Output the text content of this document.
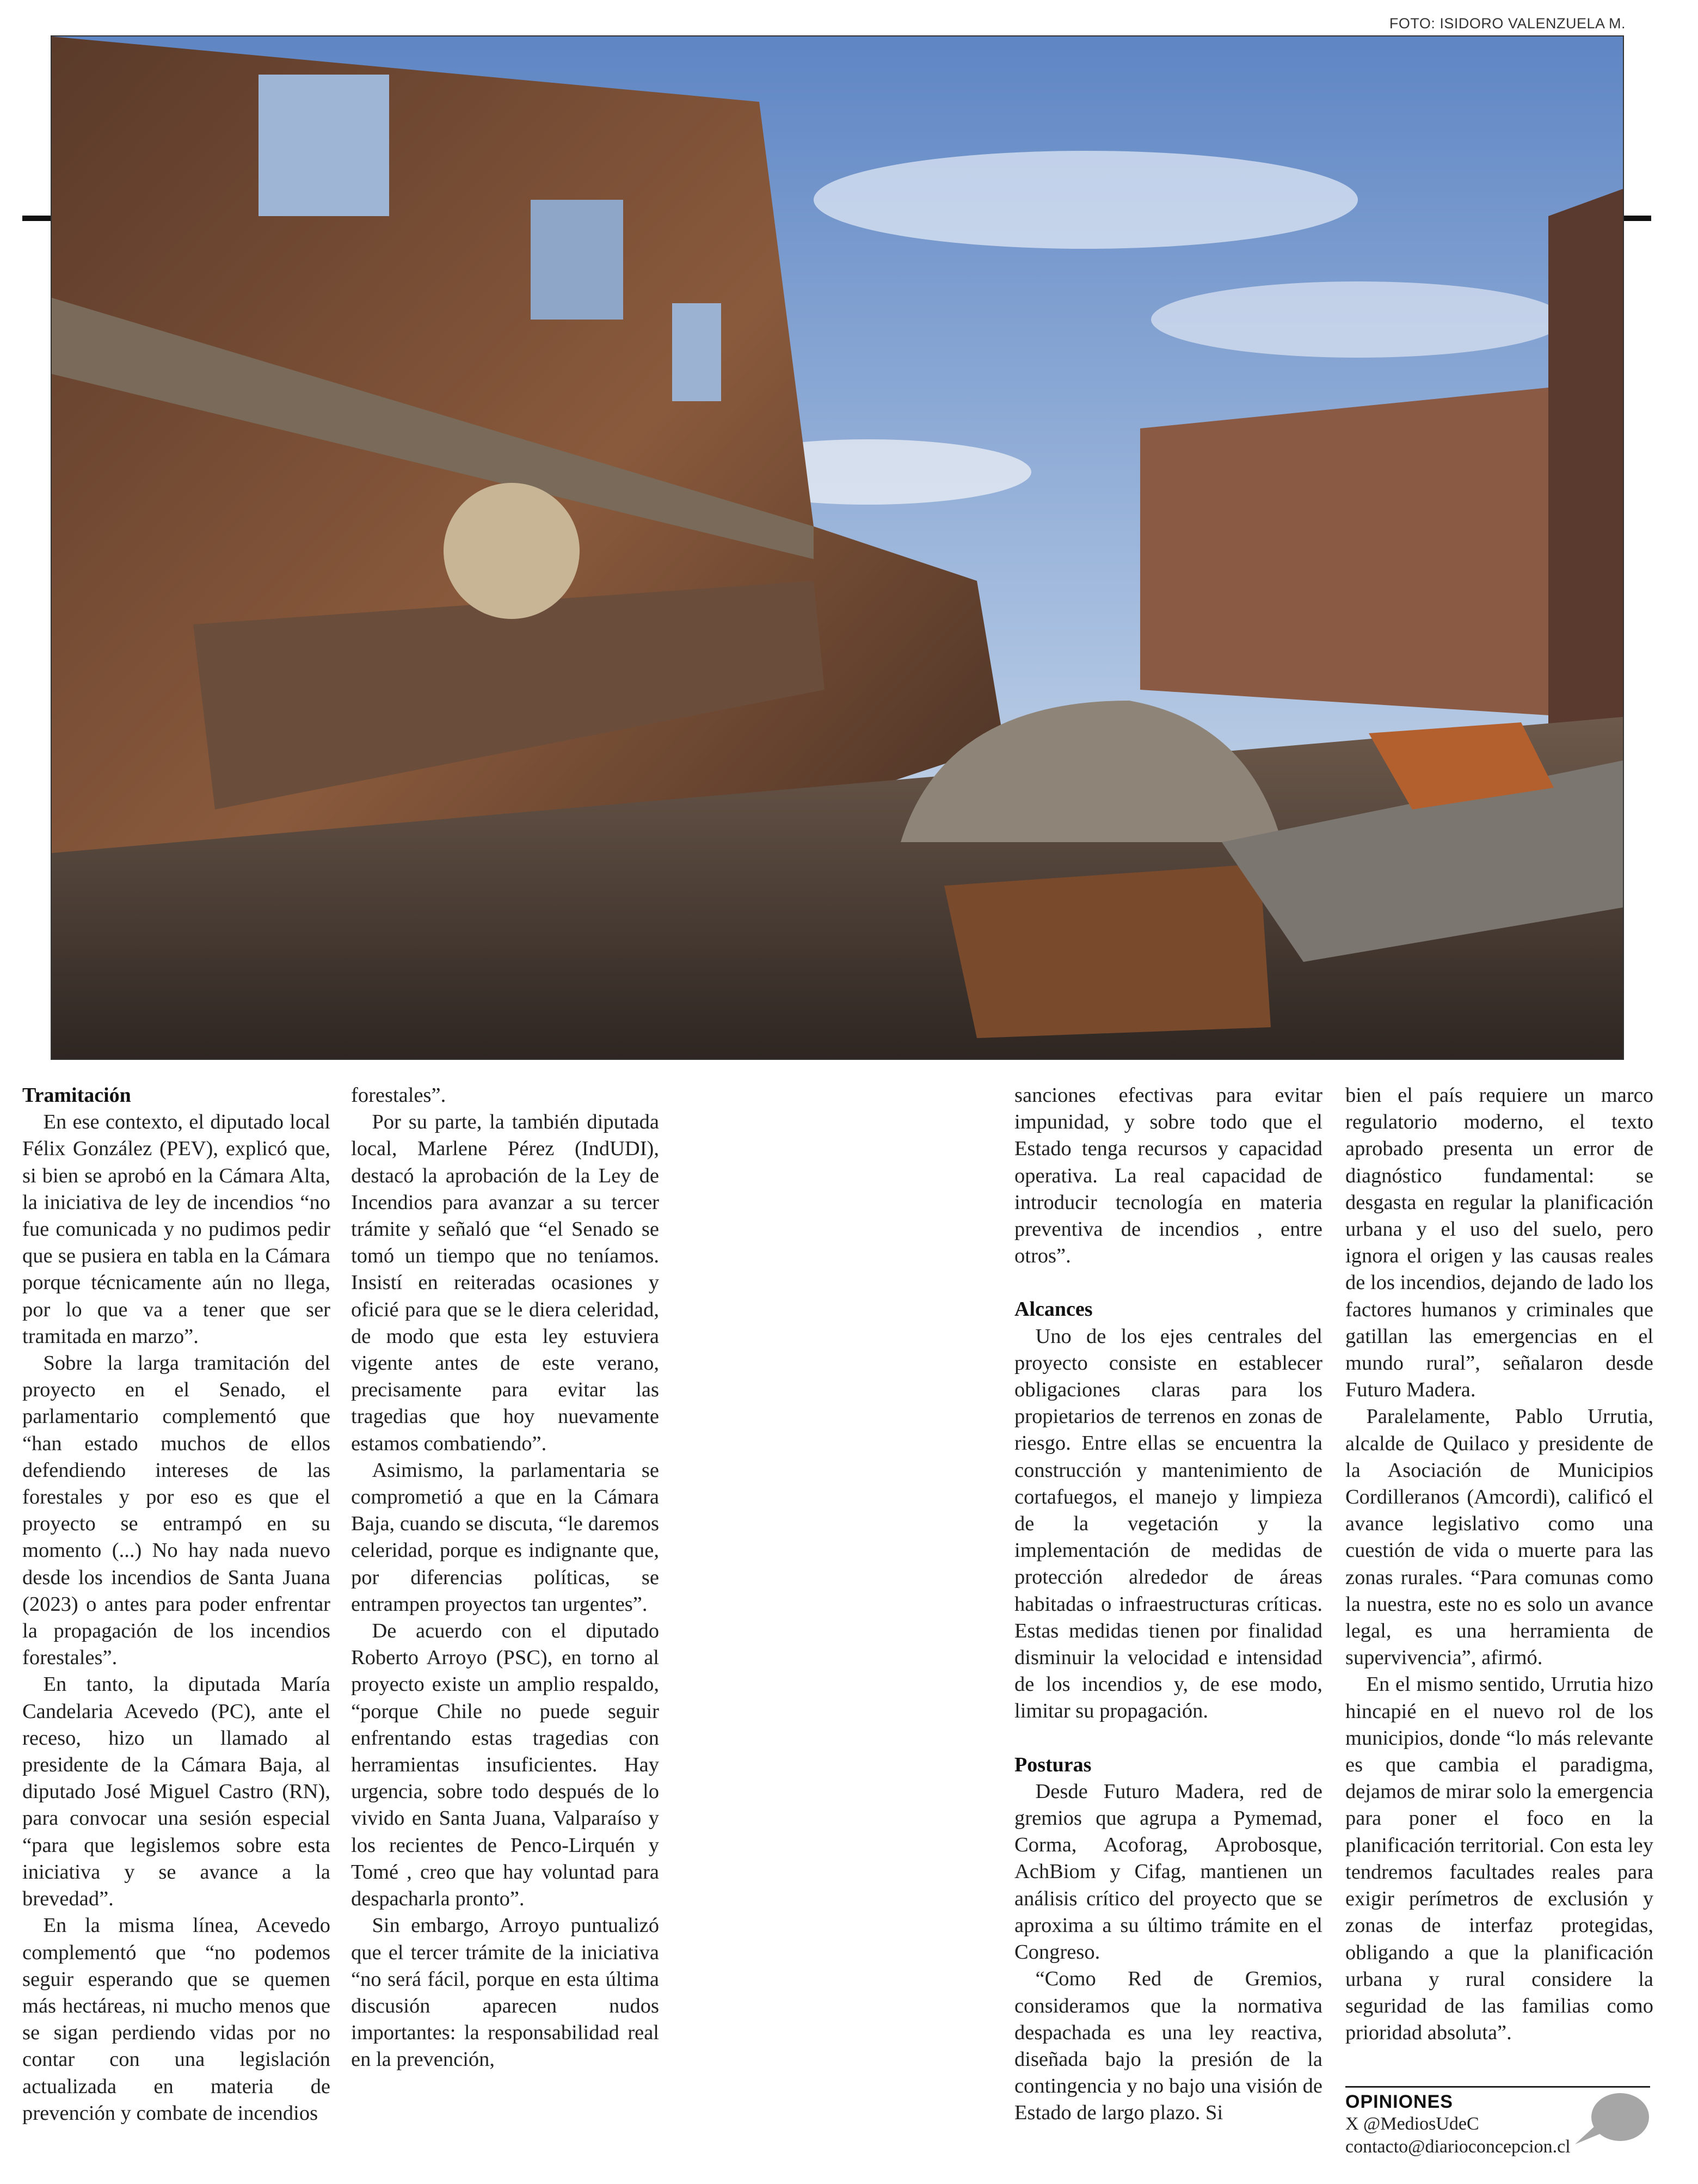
FOTO: ISIDORO VALENZUELA M.
Tramitación

En ese contexto, el diputado local Félix González (PEV), explicó que, si bien se aprobó en la Cámara Alta, la iniciativa de ley de incendios “no fue comunicada y no pudimos pedir que se pusiera en tabla en la Cámara porque técnicamente aún no llega, por lo que va a tener que ser tramitada en marzo”.

Sobre la larga tramitación del proyecto en el Senado, el parlamentario complementó que “han estado muchos de ellos defendiendo intereses de las forestales y por eso es que el proyecto se entrampó en su momento (...) No hay nada nuevo desde los incendios de Santa Juana (2023) o antes para poder enfrentar la propagación de los incendios forestales”.

En tanto, la diputada María Candelaria Acevedo (PC), ante el receso, hizo un llamado al presidente de la Cámara Baja, al diputado José Miguel Castro (RN), para convocar una sesión especial “para que legislemos sobre esta iniciativa y se avance a la brevedad”.

En la misma línea, Acevedo complementó que “no podemos seguir esperando que se quemen más hectáreas, ni mucho menos que se sigan perdiendo vidas por no contar con una legislación actualizada en materia de prevención y combate de incendios

forestales”.

Por su parte, la también diputada local, Marlene Pérez (IndUDI), destacó la aprobación de la Ley de Incendios para avanzar a su tercer trámite y señaló que “el Senado se tomó un tiempo que no teníamos. Insistí en reiteradas ocasiones y oficié para que se le diera celeridad, de modo que esta ley estuviera vigente antes de este verano, precisamente para evitar las tragedias que hoy nuevamente estamos combatiendo”.

Asimismo, la parlamentaria se comprometió a que en la Cámara Baja, cuando se discuta, “le daremos celeridad, porque es indignante que, por diferencias políticas, se entrampen proyectos tan urgentes”.

De acuerdo con el diputado Roberto Arroyo (PSC), en torno al proyecto existe un amplio respaldo, “porque Chile no puede seguir enfrentando estas tragedias con herramientas insuficientes. Hay urgencia, sobre todo después de lo vivido en Santa Juana, Valparaíso y los recientes de Penco-Lirquén y Tomé , creo que hay voluntad para despacharla pronto”.

Sin embargo, Arroyo puntualizó que el tercer trámite de la iniciativa “no será fácil, porque en esta última discusión aparecen nudos importantes: la responsabilidad real en la prevención,

sanciones efectivas para evitar impunidad, y sobre todo que el Estado tenga recursos y capacidad operativa. La real capacidad de introducir tecnología en materia preventiva de incendios , entre otros”.

Alcances

Uno de los ejes centrales del proyecto consiste en establecer obligaciones claras para los propietarios de terrenos en zonas de riesgo. Entre ellas se encuentra la construcción y mantenimiento de cortafuegos, el manejo y limpieza de la vegetación y la implementación de medidas de protección alrededor de áreas habitadas o infraestructuras críticas. Estas medidas tienen por finalidad disminuir la velocidad e intensidad de los incendios y, de ese modo, limitar su propagación.

Posturas

Desde Futuro Madera, red de gremios que agrupa a Pymemad, Corma, Acoforag, Aprobosque, AchBiom y Cifag, mantienen un análisis crítico del proyecto que se aproxima a su último trámite en el Congreso.

“Como Red de Gremios, consideramos que la normativa despachada es una ley reactiva, diseñada bajo la presión de la contingencia y no bajo una visión de Estado de largo plazo. Si

bien el país requiere un marco regulatorio moderno, el texto aprobado presenta un error de diagnóstico fundamental: se desgasta en regular la planificación urbana y el uso del suelo, pero ignora el origen y las causas reales de los incendios, dejando de lado los factores humanos y criminales que gatillan las emergencias en el mundo rural”, señalaron desde Futuro Madera.

Paralelamente, Pablo Urrutia, alcalde de Quilaco y presidente de la Asociación de Municipios Cordilleranos (Amcordi), calificó el avance legislativo como una cuestión de vida o muerte para las zonas rurales. “Para comunas como la nuestra, este no es solo un avance legal, es una herramienta de supervivencia”, afirmó.

En el mismo sentido, Urrutia hizo hincapié en el nuevo rol de los municipios, donde “lo más relevante es que cambia el paradigma, dejamos de mirar solo la emergencia para poner el foco en la planificación territorial. Con esta ley tendremos facultades reales para exigir perímetros de exclusión y zonas de interfaz protegidas, obligando a que la planificación urbana y rural considere la seguridad de las familias como prioridad absoluta”.

OPINIONES
X @MediosUdeC
contacto@diarioconcepcion.cl
